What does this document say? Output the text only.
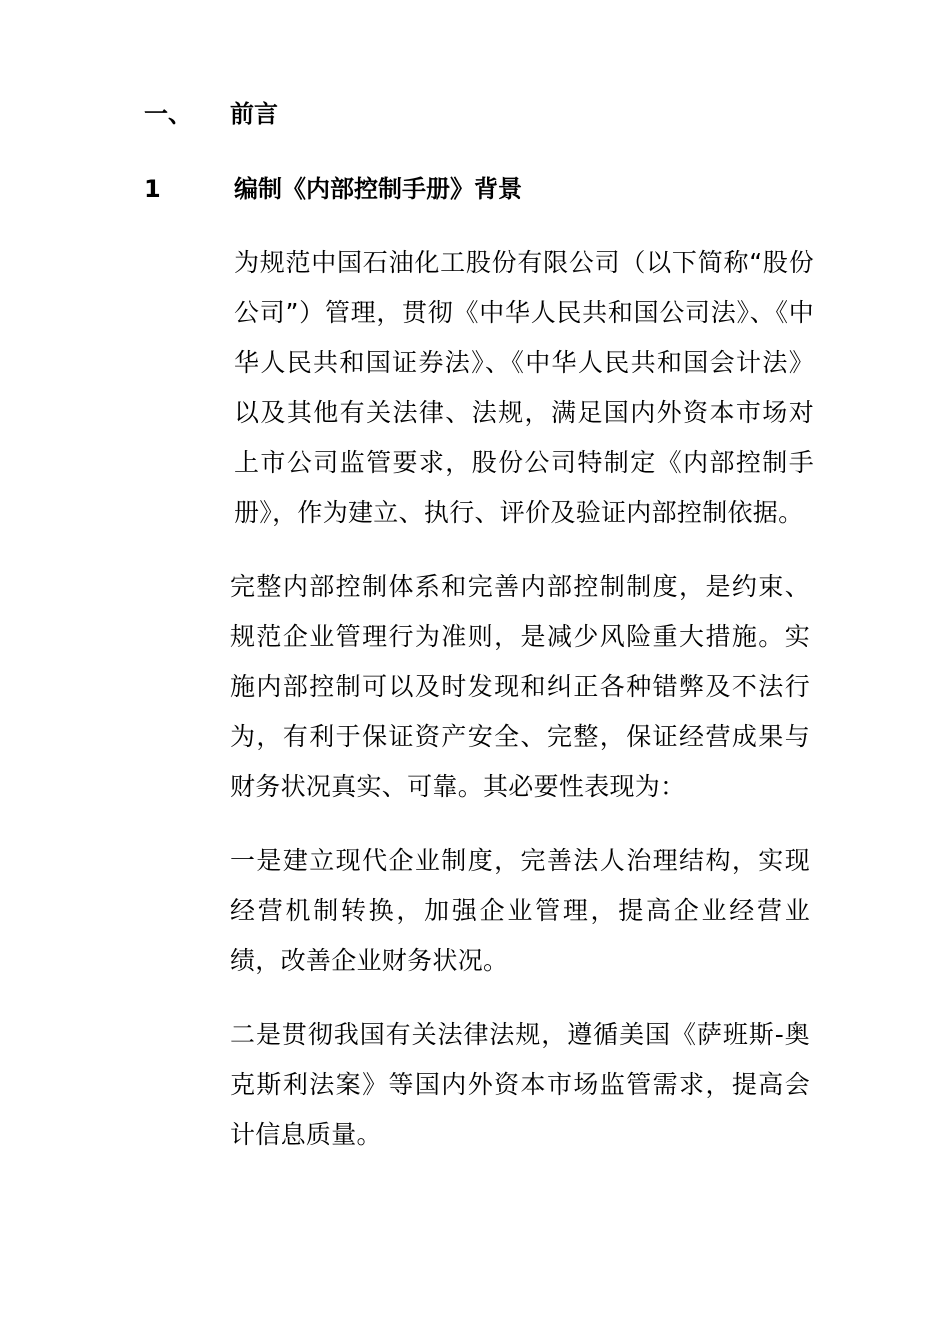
一、 前言
1	编制《内部控制手册》背景

为规范中国石油化工股份有限公司（以下简称“股份公司”）管理，贯彻《中华人民共和国公司法》、《中华人民共和国证券法》、《中华人民共和国会计法》以及其他有关法律、法规，满足国内外资本市场对上市公司监管要求，股份公司特制定《内部控制手册》，作为建立、执行、评价及验证内部控制依据。

完整内部控制体系和完善内部控制制度，是约束、规范企业管理行为准则，是减少风险重大措施。实施内部控制可以及时发现和纠正各种错弊及不法行为，有利于保证资产安全、完整，保证经营成果与财务状况真实、可靠。其必要性表现为：

一是建立现代企业制度，完善法人治理结构，实现经营机制转换，加强企业管理，提高企业经营业绩，改善企业财务状况。

二是贯彻我国有关法律法规，遵循美国《萨班斯-奥克斯利法案》等国内外资本市场监管需求，提高会计信息质量。
